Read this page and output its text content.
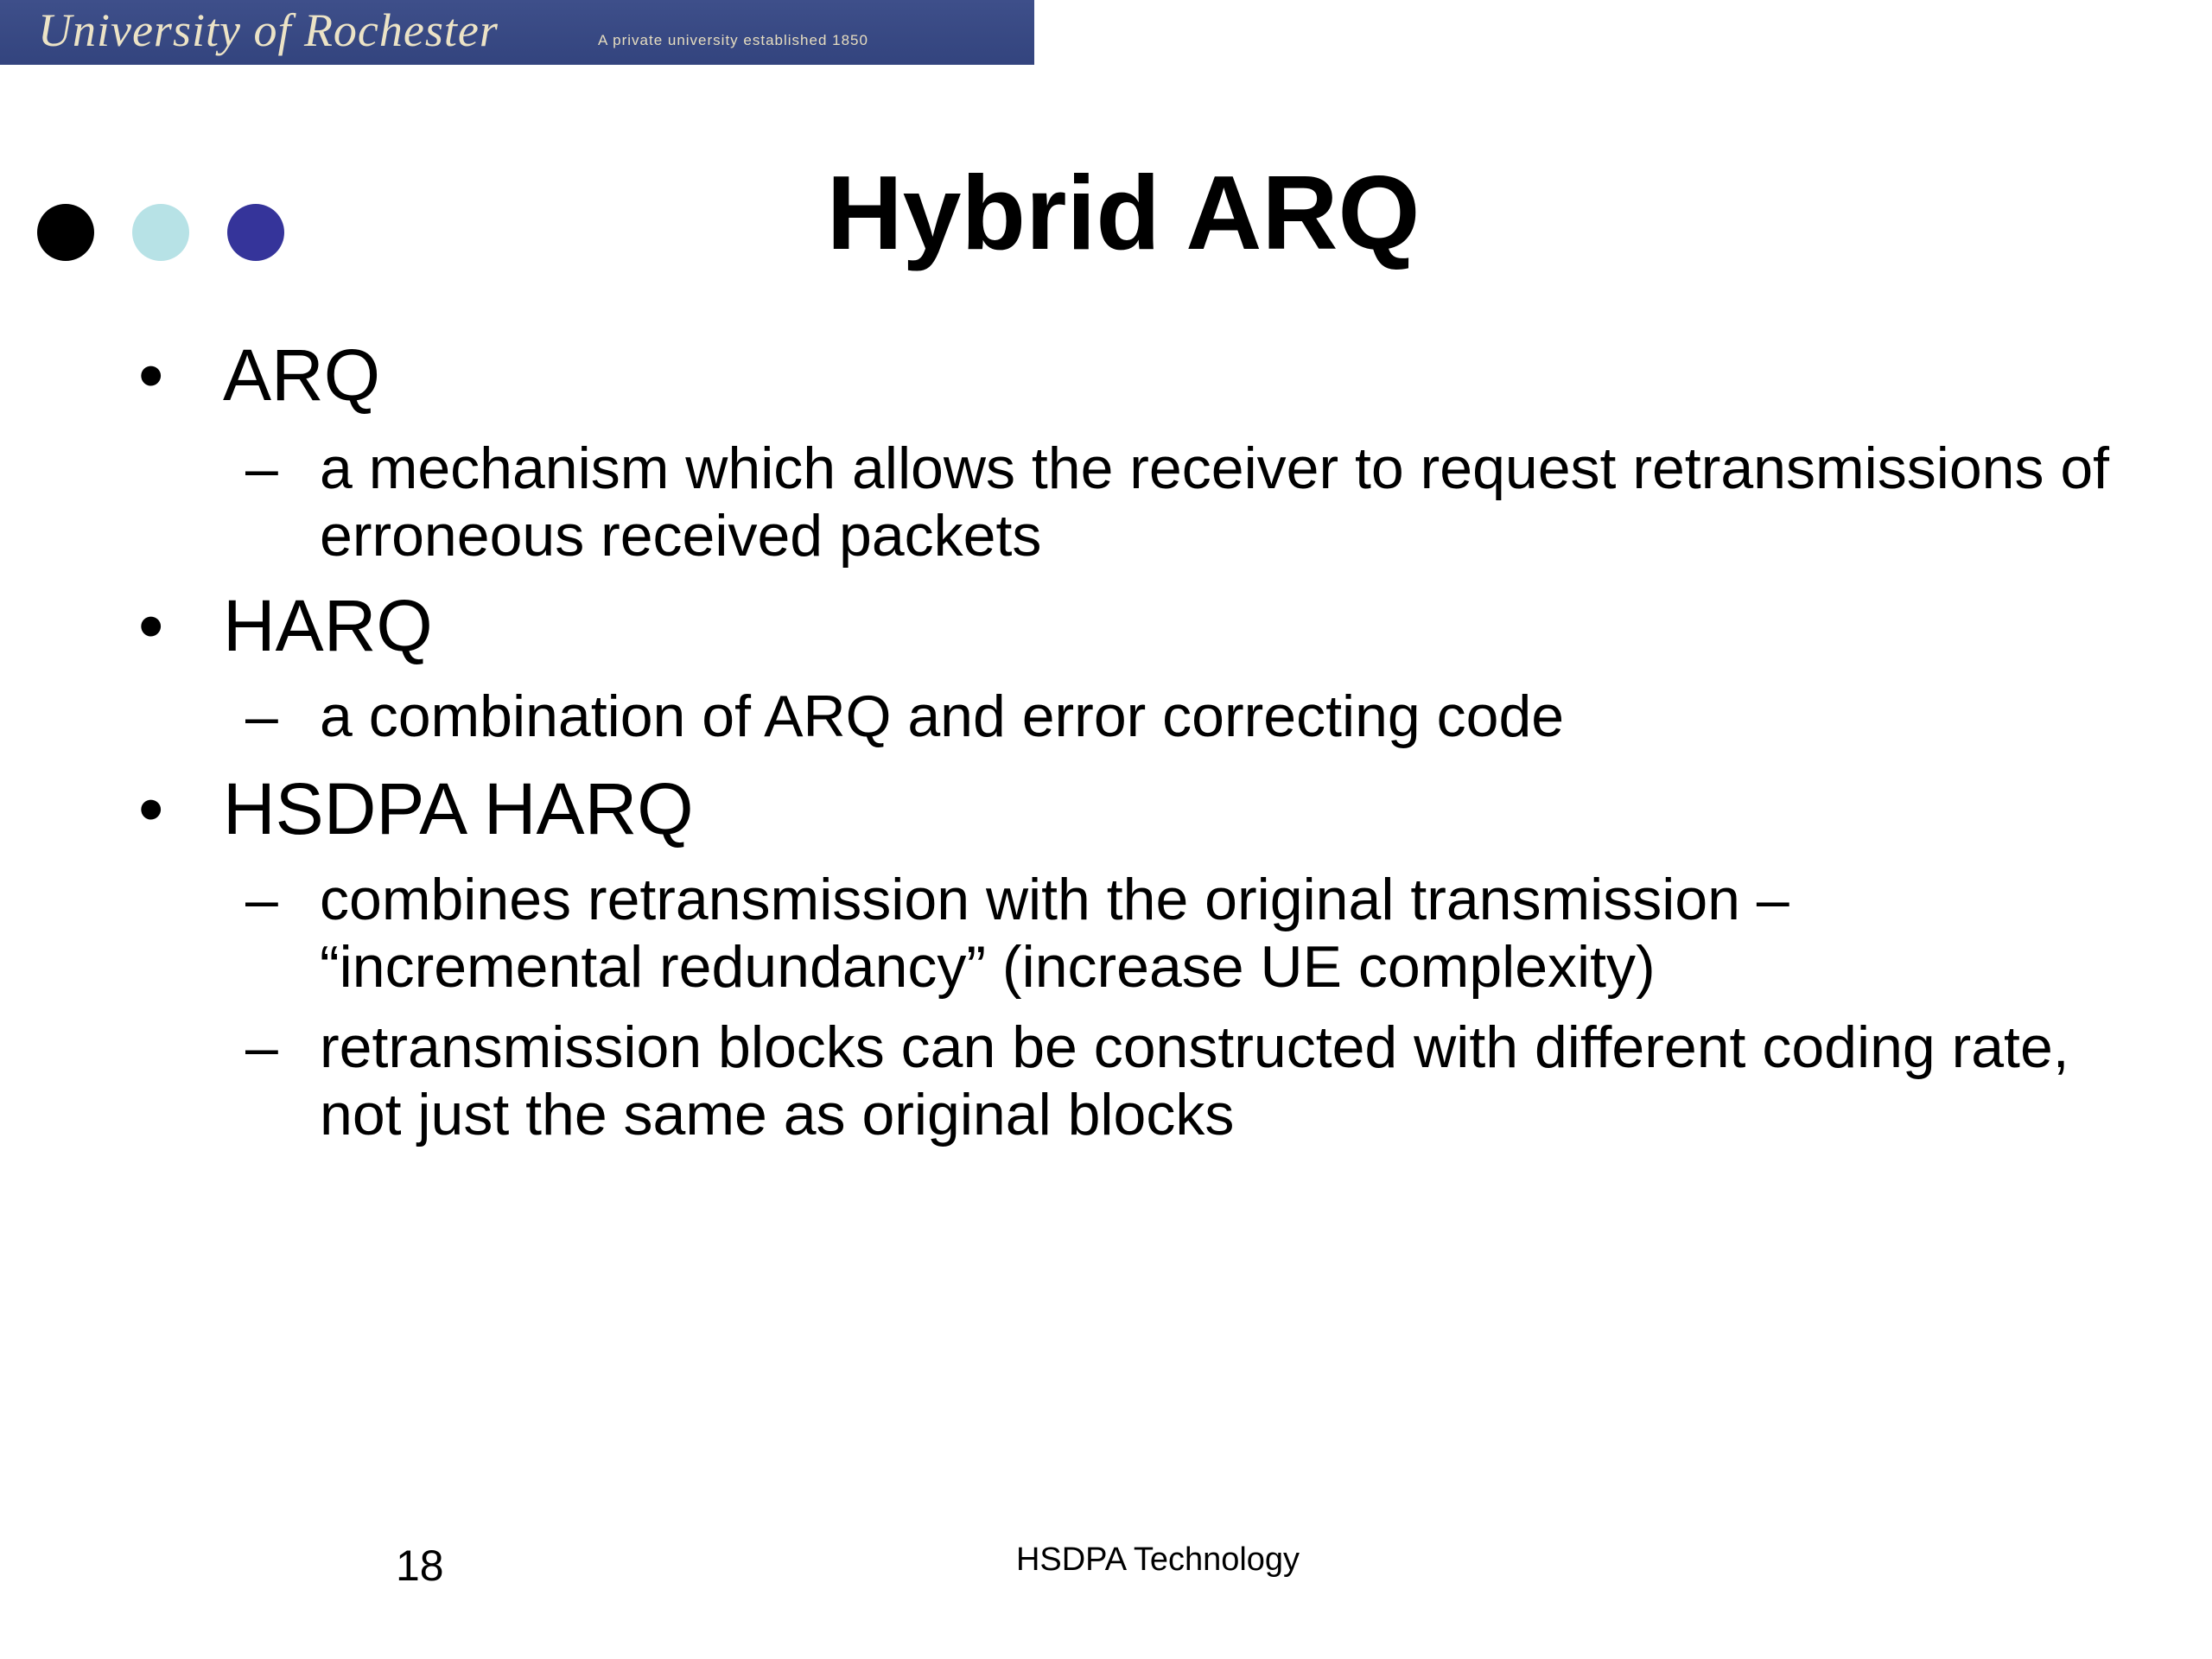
University of Rochester	A private university established 1850
Hybrid ARQ
• ARQ
– a mechanism which allows the receiver to request retransmissions of erroneous received packets
• HARQ
– a combination of ARQ and error correcting code
• HSDPA HARQ
– combines retransmission with the original transmission – “incremental redundancy” (increase UE complexity)
– retransmission blocks can be constructed with different coding rate, not just the same as original blocks
18	HSDPA Technology
